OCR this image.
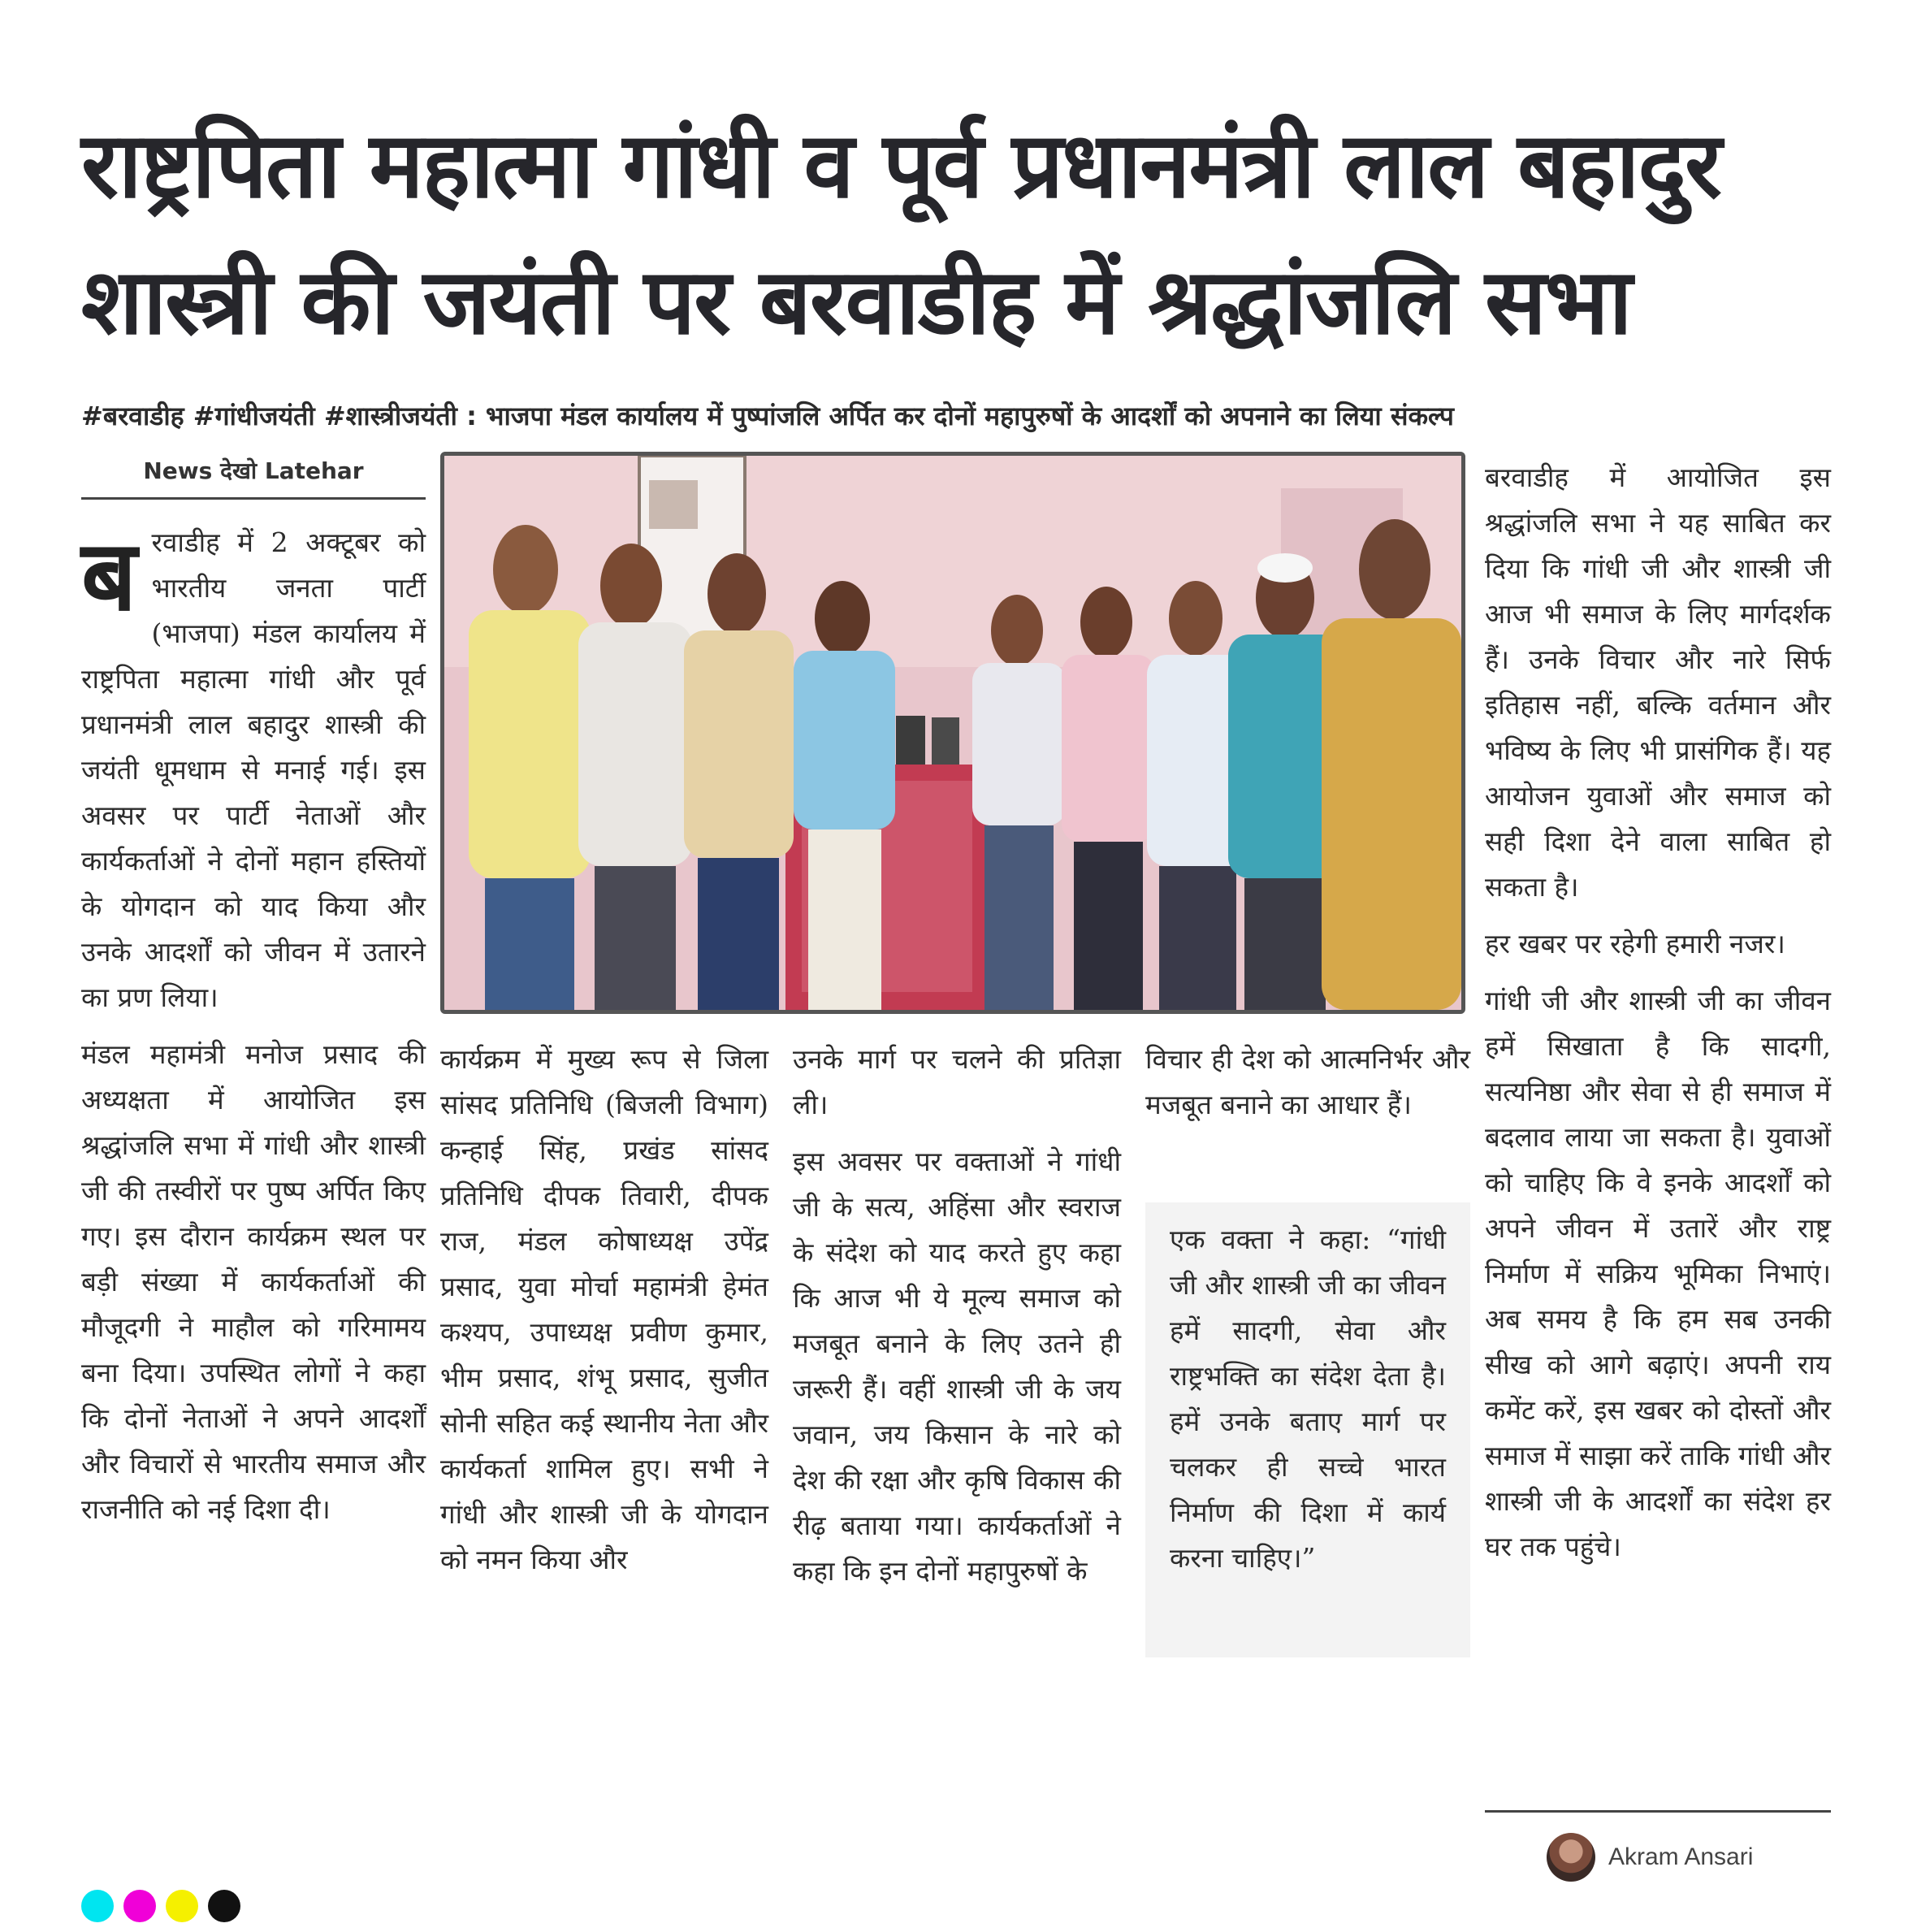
राष्ट्रपिता महात्मा गांधी व पूर्व प्रधानमंत्री लाल बहादुर
शास्त्री की जयंती पर बरवाडीह में श्रद्धांजलि सभा
#बरवाडीह #गांधीजयंती #शास्त्रीजयंती : भाजपा मंडल कार्यालय में पुष्पांजलि अर्पित कर दोनों महापुरुषों के आदर्शों को अपनाने का लिया संकल्प
News देखो Latehar

बरवाडीह में 2 अक्टूबर को भारतीय जनता पार्टी (भाजपा) मंडल कार्यालय में राष्ट्रपिता महात्मा गांधी और पूर्व प्रधानमंत्री लाल बहादुर शास्त्री की जयंती धूमधाम से मनाई गई। इस अवसर पर पार्टी नेताओं और कार्यकर्ताओं ने दोनों महान हस्तियों के योगदान को याद किया और उनके आदर्शों को जीवन में उतारने का प्रण लिया।

मंडल महामंत्री मनोज प्रसाद की अध्यक्षता में आयोजित इस श्रद्धांजलि सभा में गांधी और शास्त्री जी की तस्वीरों पर पुष्प अर्पित किए गए। इस दौरान कार्यक्रम स्थल पर बड़ी संख्या में कार्यकर्ताओं की मौजूदगी ने माहौल को गरिमामय बना दिया। उपस्थित लोगों ने कहा कि दोनों नेताओं ने अपने आदर्शों और विचारों से भारतीय समाज और राजनीति को नई दिशा दी।

कार्यक्रम में मुख्य रूप से जिला सांसद प्रतिनिधि (बिजली विभाग) कन्हाई सिंह, प्रखंड सांसद प्रतिनिधि दीपक तिवारी, दीपक राज, मंडल कोषाध्यक्ष उपेंद्र प्रसाद, युवा मोर्चा महामंत्री हेमंत कश्यप, उपाध्यक्ष प्रवीण कुमार, भीम प्रसाद, शंभू प्रसाद, सुजीत सोनी सहित कई स्थानीय नेता और कार्यकर्ता शामिल हुए। सभी ने गांधी और शास्त्री जी के योगदान को नमन किया और

उनके मार्ग पर चलने की प्रतिज्ञा ली।

इस अवसर पर वक्ताओं ने गांधी जी के सत्य, अहिंसा और स्वराज के संदेश को याद करते हुए कहा कि आज भी ये मूल्य समाज को मजबूत बनाने के लिए उतने ही जरूरी हैं। वहीं शास्त्री जी के जय जवान, जय किसान के नारे को देश की रक्षा और कृषि विकास की रीढ़ बताया गया। कार्यकर्ताओं ने कहा कि इन दोनों महापुरुषों के

विचार ही देश को आत्मनिर्भर और मजबूत बनाने का आधार हैं।

एक वक्ता ने कहा: “गांधी जी और शास्त्री जी का जीवन हमें सादगी, सेवा और राष्ट्रभक्ति का संदेश देता है। हमें उनके बताए मार्ग पर चलकर ही सच्चे भारत निर्माण की दिशा में कार्य करना चाहिए।”

बरवाडीह में आयोजित इस श्रद्धांजलि सभा ने यह साबित कर दिया कि गांधी जी और शास्त्री जी आज भी समाज के लिए मार्गदर्शक हैं। उनके विचार और नारे सिर्फ इतिहास नहीं, बल्कि वर्तमान और भविष्य के लिए भी प्रासंगिक हैं। यह आयोजन युवाओं और समाज को सही दिशा देने वाला साबित हो सकता है।

हर खबर पर रहेगी हमारी नजर।

गांधी जी और शास्त्री जी का जीवन हमें सिखाता है कि सादगी, सत्यनिष्ठा और सेवा से ही समाज में बदलाव लाया जा सकता है। युवाओं को चाहिए कि वे इनके आदर्शों को अपने जीवन में उतारें और राष्ट्र निर्माण में सक्रिय भूमिका निभाएं। अब समय है कि हम सब उनकी सीख को आगे बढ़ाएं। अपनी राय कमेंट करें, इस खबर को दोस्तों और समाज में साझा करें ताकि गांधी और शास्त्री जी के आदर्शों का संदेश हर घर तक पहुंचे।

Akram Ansari
